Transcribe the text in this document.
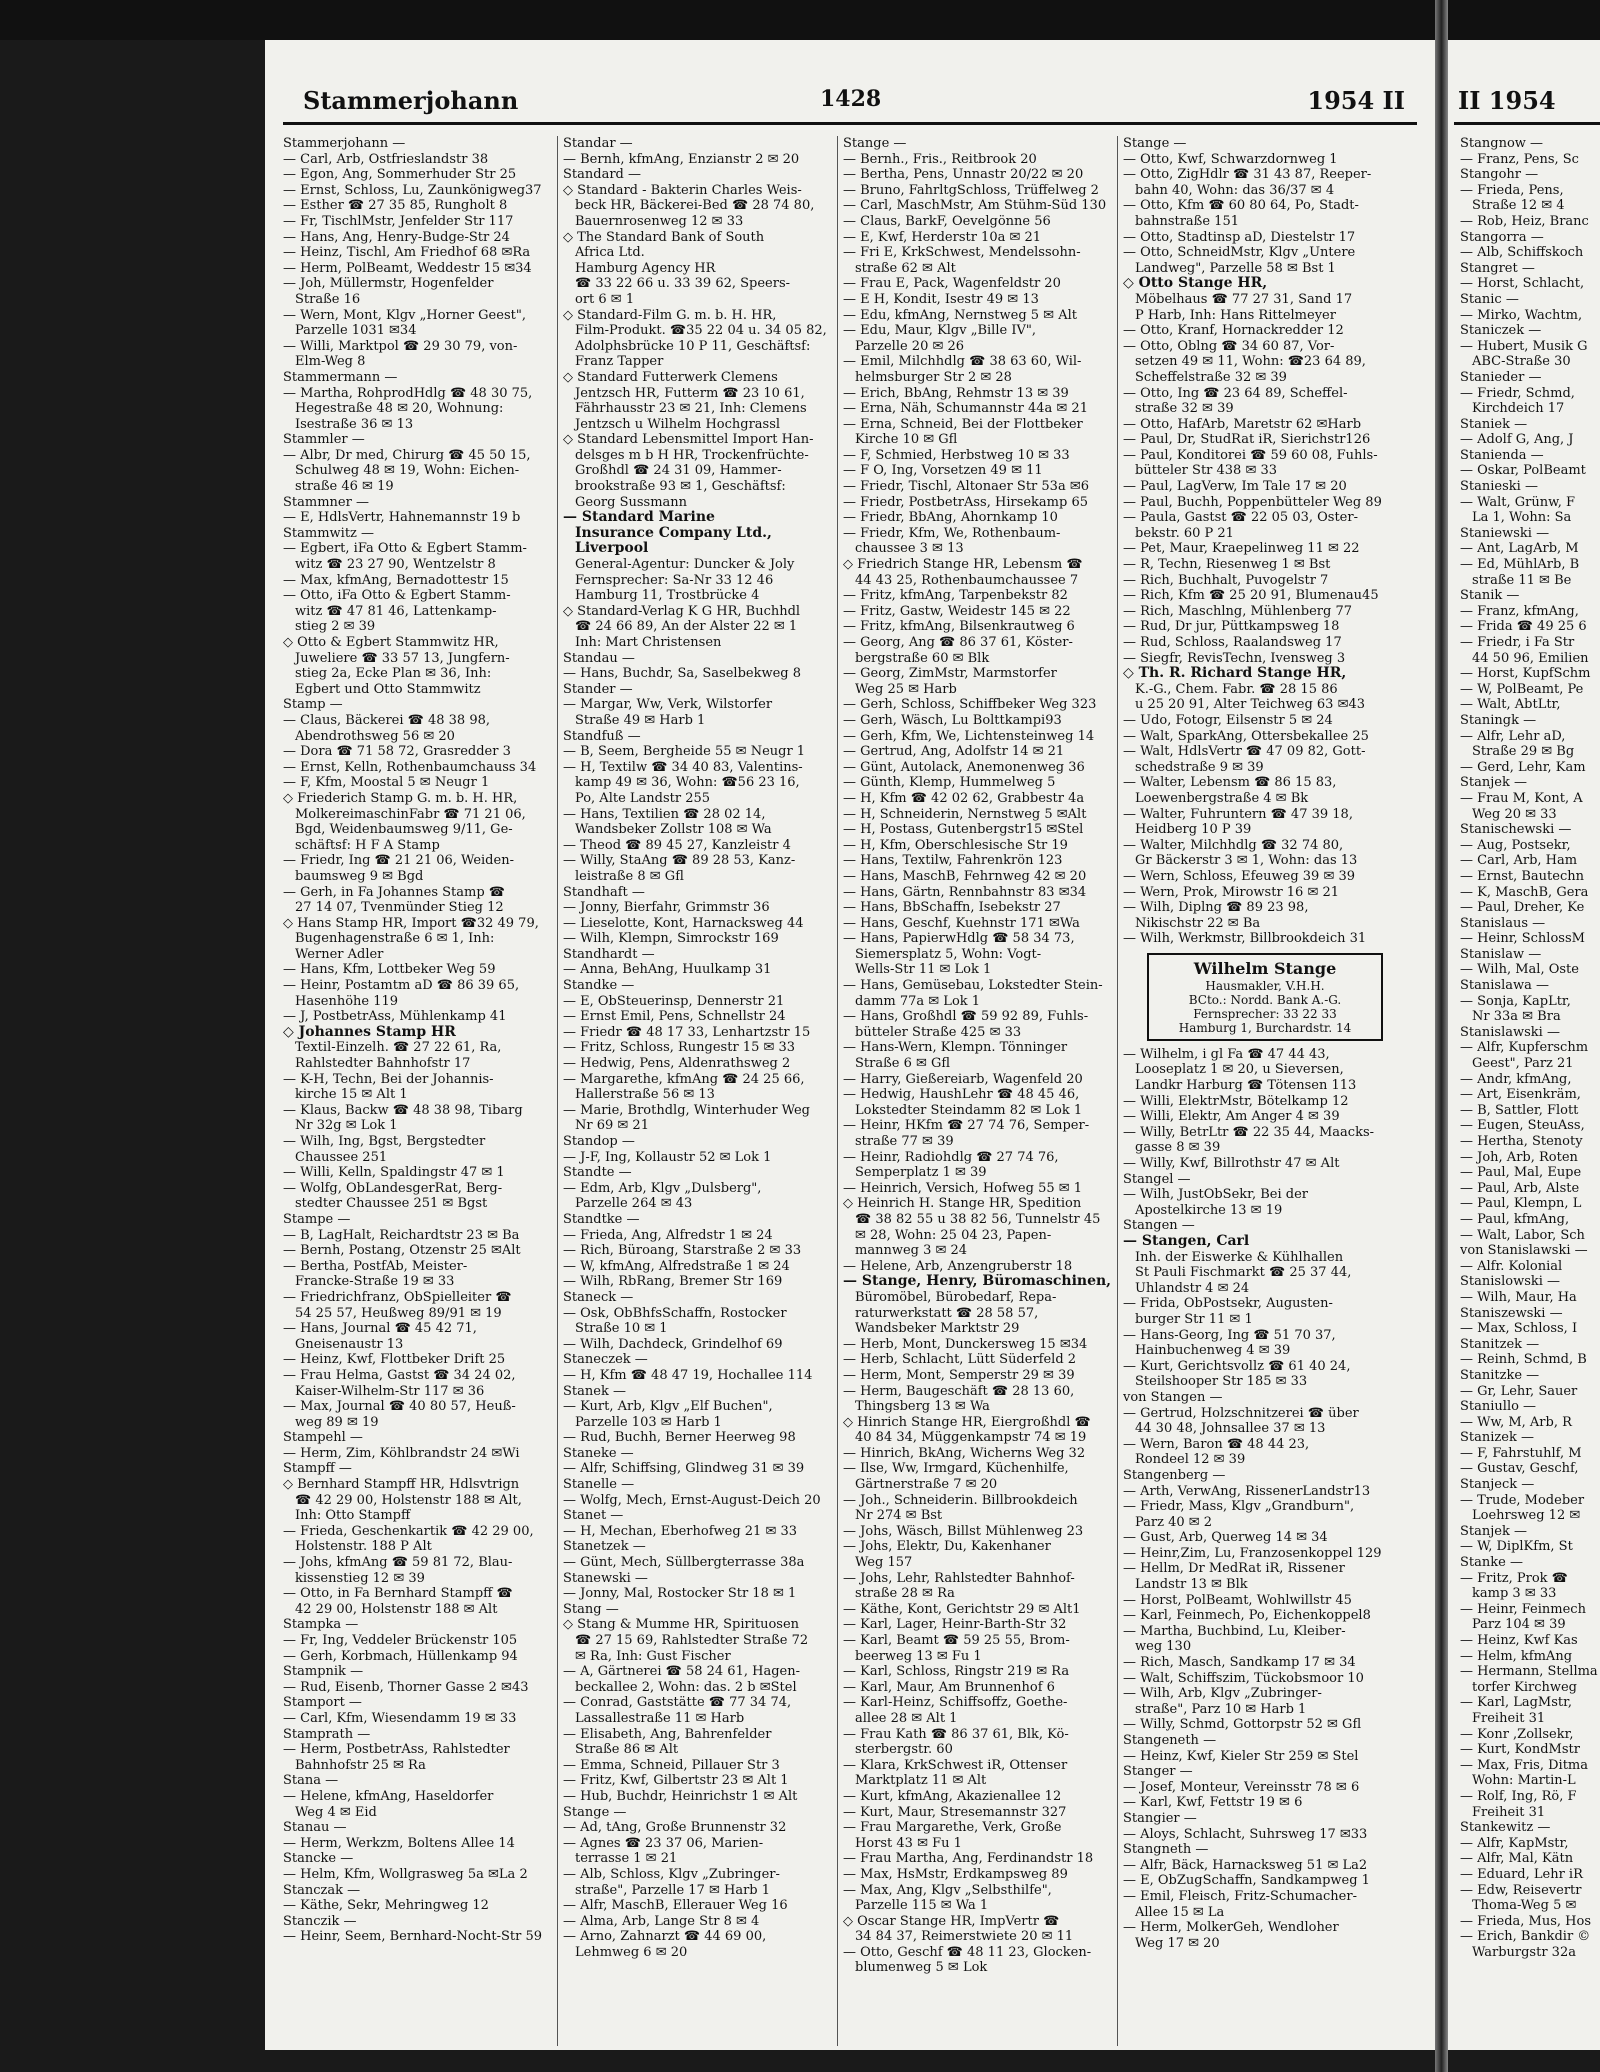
Stammerjohann	1428	1954 II
Stammerjohann —
— Carl, Arb, Ostfrieslandstr 38
— Egon, Ang, Sommerhuder Str 25
— Ernst, Schloss, Lu, Zaunkönigweg37
— Esther ☎ 27 35 85, Rungholt 8
— Fr, TischlMstr, Jenfelder Str 117
— Hans, Ang, Henry-Budge-Str 24
— Heinz, Tischl, Am Friedhof 68 ✉Ra
— Herm, PolBeamt, Weddestr 15 ✉34
— Joh, Müllermstr, Hogenfelder
Straße 16
— Wern, Mont, Klgv „Horner Geest",
Parzelle 1031 ✉34
— Willi, Marktpol ☎ 29 30 79, von-
Elm-Weg 8
Stammermann —
— Martha, RohprodHdlg ☎ 48 30 75,
Hegestraße 48 ✉ 20, Wohnung:
Isestraße 36 ✉ 13
Stammler —
— Albr, Dr med, Chirurg ☎ 45 50 15,
Schulweg 48 ✉ 19, Wohn: Eichen-
straße 46 ✉ 19
Stammner —
— E, HdlsVertr, Hahnemannstr 19 b
Stammwitz —
— Egbert, iFa Otto & Egbert Stamm-
witz ☎ 23 27 90, Wentzelstr 8
— Max, kfmAng, Bernadottestr 15
— Otto, iFa Otto & Egbert Stamm-
witz ☎ 47 81 46, Lattenkamp-
stieg 2 ✉ 39
◇ Otto & Egbert Stammwitz HR,
Juweliere ☎ 33 57 13, Jungfern-
stieg 2a, Ecke Plan ✉ 36, Inh:
Egbert und Otto Stammwitz
Stamp —
— Claus, Bäckerei ☎ 48 38 98,
Abendrothsweg 56 ✉ 20
— Dora ☎ 71 58 72, Grasredder 3
— Ernst, Kelln, Rothenbaumchauss 34
— F, Kfm, Moostal 5 ✉ Neugr 1
◇ Friederich Stamp G. m. b. H. HR,
MolkereimaschinFabr ☎ 71 21 06,
Bgd, Weidenbaumsweg 9/11, Ge-
schäftsf: H F A Stamp
— Friedr, Ing ☎ 21 21 06, Weiden-
baumsweg 9 ✉ Bgd
— Gerh, in Fa Johannes Stamp ☎
27 14 07, Tvenmünder Stieg 12
◇ Hans Stamp HR, Import ☎32 49 79,
Bugenhagenstraße 6 ✉ 1, Inh:
Werner Adler
— Hans, Kfm, Lottbeker Weg 59
— Heinr, Postamtm aD ☎ 86 39 65,
Hasenhöhe 119
— J, PostbetrAss, Mühlenkamp 41
◇ Johannes Stamp HR
Textil-Einzelh. ☎ 27 22 61, Ra,
Rahlstedter Bahnhofstr 17
— K-H, Techn, Bei der Johannis-
kirche 15 ✉ Alt 1
— Klaus, Backw ☎ 48 38 98, Tibarg
Nr 32g ✉ Lok 1
— Wilh, Ing, Bgst, Bergstedter
Chaussee 251
— Willi, Kelln, Spaldingstr 47 ✉ 1
— Wolfg, ObLandesgerRat, Berg-
stedter Chaussee 251 ✉ Bgst
Stampe —
— B, LagHalt, Reichardtstr 23 ✉ Ba
— Bernh, Postang, Otzenstr 25 ✉Alt
— Bertha, PostfAb, Meister-
Francke-Straße 19 ✉ 33
— Friedrichfranz, ObSpielleiter ☎
54 25 57, Heußweg 89/91 ✉ 19
— Hans, Journal ☎ 45 42 71,
Gneisenaustr 13
— Heinz, Kwf, Flottbeker Drift 25
— Frau Helma, Gastst ☎ 34 24 02,
Kaiser-Wilhelm-Str 117 ✉ 36
— Max, Journal ☎ 40 80 57, Heuß-
weg 89 ✉ 19
Stampehl —
— Herm, Zim, Köhlbrandstr 24 ✉Wi
Stampff —
◇ Bernhard Stampff HR, Hdlsvtrign
☎ 42 29 00, Holstenstr 188 ✉ Alt,
Inh: Otto Stampff
— Frieda, Geschenkartik ☎ 42 29 00,
Holstenstr. 188 P Alt
— Johs, kfmAng ☎ 59 81 72, Blau-
kissenstieg 12 ✉ 39
— Otto, in Fa Bernhard Stampff ☎
42 29 00, Holstenstr 188 ✉ Alt
Stampka —
— Fr, Ing, Veddeler Brückenstr 105
— Gerh, Korbmach, Hüllenkamp 94
Stampnik —
— Rud, Eisenb, Thorner Gasse 2 ✉43
Stamport —
— Carl, Kfm, Wiesendamm 19 ✉ 33
Stamprath —
— Herm, PostbetrAss, Rahlstedter
Bahnhofstr 25 ✉ Ra
Stana —
— Helene, kfmAng, Haseldorfer
Weg 4 ✉ Eid
Stanau —
— Herm, Werkzm, Boltens Allee 14
Stancke —
— Helm, Kfm, Wollgrasweg 5a ✉La 2
Stanczak —
— Käthe, Sekr, Mehringweg 12
Stanczik —
— Heinr, Seem, Bernhard-Nocht-Str 59
Standar —
— Bernh, kfmAng, Enzianstr 2 ✉ 20
Standard —
◇ Standard - Bakterin Charles Weis-
beck HR, Bäckerei-Bed ☎ 28 74 80,
Bauernrosenweg 12 ✉ 33
◇ The Standard Bank of South
Africa Ltd.
Hamburg Agency HR
☎ 33 22 66 u. 33 39 62, Speers-
ort 6 ✉ 1
◇ Standard-Film G. m. b. H. HR,
Film-Produkt. ☎35 22 04 u. 34 05 82,
Adolphsbrücke 10 P 11, Geschäftsf:
Franz Tapper
◇ Standard Futterwerk Clemens
Jentzsch HR, Futterm ☎ 23 10 61,
Fährhausstr 23 ✉ 21, Inh: Clemens
Jentzsch u Wilhelm Hochgrassl
◇ Standard Lebensmittel Import Han-
delsges m b H HR, Trockenfrüchte-
Großhdl ☎ 24 31 09, Hammer-
brookstraße 93 ✉ 1, Geschäftsf:
Georg Sussmann
— Standard Marine
Insurance Company Ltd.,
Liverpool
General-Agentur: Duncker & Joly
Fernsprecher: Sa-Nr 33 12 46
Hamburg 11, Trostbrücke 4
◇ Standard-Verlag K G HR, Buchhdl
☎ 24 66 89, An der Alster 22 ✉ 1
Inh: Mart Christensen
Standau —
— Hans, Buchdr, Sa, Saselbekweg 8
Stander —
— Margar, Ww, Verk, Wilstorfer
Straße 49 ✉ Harb 1
Standfuß —
— B, Seem, Bergheide 55 ✉ Neugr 1
— H, Textilw ☎ 34 40 83, Valentins-
kamp 49 ✉ 36, Wohn: ☎56 23 16,
Po, Alte Landstr 255
— Hans, Textilien ☎ 28 02 14,
Wandsbeker Zollstr 108 ✉ Wa
— Theod ☎ 89 45 27, Kanzleistr 4
— Willy, StaAng ☎ 89 28 53, Kanz-
leistraße 8 ✉ Gfl
Standhaft —
— Jonny, Bierfahr, Grimmstr 36
— Lieselotte, Kont, Harnacksweg 44
— Wilh, Klempn, Simrockstr 169
Standhardt —
— Anna, BehAng, Huulkamp 31
Standke —
— E, ObSteuerinsp, Dennerstr 21
— Ernst Emil, Pens, Schnellstr 24
— Friedr ☎ 48 17 33, Lenhartzstr 15
— Fritz, Schloss, Rungestr 15 ✉ 33
— Hedwig, Pens, Aldenrathsweg 2
— Margarethe, kfmAng ☎ 24 25 66,
Hallerstraße 56 ✉ 13
— Marie, Brothdlg, Winterhuder Weg
Nr 69 ✉ 21
Standop —
— J-F, Ing, Kollaustr 52 ✉ Lok 1
Standte —
— Edm, Arb, Klgv „Dulsberg",
Parzelle 264 ✉ 43
Standtke —
— Frieda, Ang, Alfredstr 1 ✉ 24
— Rich, Büroang, Starstraße 2 ✉ 33
— W, kfmAng, Alfredstraße 1 ✉ 24
— Wilh, RbRang, Bremer Str 169
Staneck —
— Osk, ObBhfsSchaffn, Rostocker
Straße 10 ✉ 1
— Wilh, Dachdeck, Grindelhof 69
Staneczek —
— H, Kfm ☎ 48 47 19, Hochallee 114
Stanek —
— Kurt, Arb, Klgv „Elf Buchen",
Parzelle 103 ✉ Harb 1
— Rud, Buchh, Berner Heerweg 98
Staneke —
— Alfr, Schiffsing, Glindweg 31 ✉ 39
Stanelle —
— Wolfg, Mech, Ernst-August-Deich 20
Stanet —
— H, Mechan, Eberhofweg 21 ✉ 33
Stanetzek —
— Günt, Mech, Süllbergterrasse 38a
Stanewski —
— Jonny, Mal, Rostocker Str 18 ✉ 1
Stang —
◇ Stang & Mumme HR, Spirituosen
☎ 27 15 69, Rahlstedter Straße 72
✉ Ra, Inh: Gust Fischer
— A, Gärtnerei ☎ 58 24 61, Hagen-
beckallee 2, Wohn: das. 2 b ✉Stel
— Conrad, Gaststätte ☎ 77 34 74,
Lassallestraße 11 ✉ Harb
— Elisabeth, Ang, Bahrenfelder
Straße 86 ✉ Alt
— Emma, Schneid, Pillauer Str 3
— Fritz, Kwf, Gilbertstr 23 ✉ Alt 1
— Hub, Buchdr, Heinrichstr 1 ✉ Alt
Stange —
— Ad, tAng, Große Brunnenstr 32
— Agnes ☎ 23 37 06, Marien-
terrasse 1 ✉ 21
— Alb, Schloss, Klgv „Zubringer-
straße", Parzelle 17 ✉ Harb 1
— Alfr, MaschB, Ellerauer Weg 16
— Alma, Arb, Lange Str 8 ✉ 4
— Arno, Zahnarzt ☎ 44 69 00,
Lehmweg 6 ✉ 20
Stange —
— Bernh., Fris., Reitbrook 20
— Bertha, Pens, Unnastr 20/22 ✉ 20
— Bruno, FahrltgSchloss, Trüffelweg 2
— Carl, MaschMstr, Am Stühm-Süd 130
— Claus, BarkF, Oevelgönne 56
— E, Kwf, Herderstr 10a ✉ 21
— Fri E, KrkSchwest, Mendelssohn-
straße 62 ✉ Alt
— Frau E, Pack, Wagenfeldstr 20
— E H, Kondit, Isestr 49 ✉ 13
— Edu, kfmAng, Nernstweg 5 ✉ Alt
— Edu, Maur, Klgv „Bille IV",
Parzelle 20 ✉ 26
— Emil, Milchhdlg ☎ 38 63 60, Wil-
helmsburger Str 2 ✉ 28
— Erich, BbAng, Rehmstr 13 ✉ 39
— Erna, Näh, Schumannstr 44a ✉ 21
— Erna, Schneid, Bei der Flottbeker
Kirche 10 ✉ Gfl
— F, Schmied, Herbstweg 10 ✉ 33
— F O, Ing, Vorsetzen 49 ✉ 11
— Friedr, Tischl, Altonaer Str 53a ✉6
— Friedr, PostbetrAss, Hirsekamp 65
— Friedr, BbAng, Ahornkamp 10
— Friedr, Kfm, We, Rothenbaum-
chaussee 3 ✉ 13
◇ Friedrich Stange HR, Lebensm ☎
44 43 25, Rothenbaumchaussee 7
— Fritz, kfmAng, Tarpenbekstr 82
— Fritz, Gastw, Weidestr 145 ✉ 22
— Fritz, kfmAng, Bilsenkrautweg 6
— Georg, Ang ☎ 86 37 61, Köster-
bergstraße 60 ✉ Blk
— Georg, ZimMstr, Marmstorfer
Weg 25 ✉ Harb
— Gerh, Schloss, Schiffbeker Weg 323
— Gerh, Wäsch, Lu Bolttkampi93
— Gerh, Kfm, We, Lichtensteinweg 14
— Gertrud, Ang, Adolfstr 14 ✉ 21
— Günt, Autolack, Anemonenweg 36
— Günth, Klemp, Hummelweg 5
— H, Kfm ☎ 42 02 62, Grabbestr 4a
— H, Schneiderin, Nernstweg 5 ✉Alt
— H, Postass, Gutenbergstr15 ✉Stel
— H, Kfm, Oberschlesische Str 19
— Hans, Textilw, Fahrenkrön 123
— Hans, MaschB, Fehrnweg 42 ✉ 20
— Hans, Gärtn, Rennbahnstr 83 ✉34
— Hans, BbSchaffn, Isebekstr 27
— Hans, Geschf, Kuehnstr 171 ✉Wa
— Hans, PapierwHdlg ☎ 58 34 73,
Siemersplatz 5, Wohn: Vogt-
Wells-Str 11 ✉ Lok 1
— Hans, Gemüsebau, Lokstedter Stein-
damm 77a ✉ Lok 1
— Hans, Großhdl ☎ 59 92 89, Fuhls-
bütteler Straße 425 ✉ 33
— Hans-Wern, Klempn. Tönninger
Straße 6 ✉ Gfl
— Harry, Gießereiarb, Wagenfeld 20
— Hedwig, HaushLehr ☎ 48 45 46,
Lokstedter Steindamm 82 ✉ Lok 1
— Heinr, HKfm ☎ 27 74 76, Semper-
straße 77 ✉ 39
— Heinr, Radiohdlg ☎ 27 74 76,
Semperplatz 1 ✉ 39
— Heinrich, Versich, Hofweg 55 ✉ 1
◇ Heinrich H. Stange HR, Spedition
☎ 38 82 55 u 38 82 56, Tunnelstr 45
✉ 28, Wohn: 25 04 23, Papen-
mannweg 3 ✉ 24
— Helene, Arb, Anzengruberstr 18
— Stange, Henry, Büromaschinen,
Büromöbel, Bürobedarf, Repa-
raturwerkstatt ☎ 28 58 57,
Wandsbeker Marktstr 29
— Herb, Mont, Dunckersweg 15 ✉34
— Herb, Schlacht, Lütt Süderfeld 2
— Herm, Mont, Semperstr 29 ✉ 39
— Herm, Baugeschäft ☎ 28 13 60,
Thingsberg 13 ✉ Wa
◇ Hinrich Stange HR, Eiergroßhdl ☎
40 84 34, Müggenkampstr 74 ✉ 19
— Hinrich, BkAng, Wicherns Weg 32
— Ilse, Ww, Irmgard, Küchenhilfe,
Gärtnerstraße 7 ✉ 20
— Joh., Schneiderin. Billbrookdeich
Nr 274 ✉ Bst
— Johs, Wäsch, Billst Mühlenweg 23
— Johs, Elektr, Du, Kakenhaner
Weg 157
— Johs, Lehr, Rahlstedter Bahnhof-
straße 28 ✉ Ra
— Käthe, Kont, Gerichtstr 29 ✉ Alt1
— Karl, Lager, Heinr-Barth-Str 32
— Karl, Beamt ☎ 59 25 55, Brom-
beerweg 13 ✉ Fu 1
— Karl, Schloss, Ringstr 219 ✉ Ra
— Karl, Maur, Am Brunnenhof 6
— Karl-Heinz, Schiffsoffz, Goethe-
allee 28 ✉ Alt 1
— Frau Kath ☎ 86 37 61, Blk, Kö-
sterbergstr. 60
— Klara, KrkSchwest iR, Ottenser
Marktplatz 11 ✉ Alt
— Kurt, kfmAng, Akazienallee 12
— Kurt, Maur, Stresemannstr 327
— Frau Margarethe, Verk, Große
Horst 43 ✉ Fu 1
— Frau Martha, Ang, Ferdinandstr 18
— Max, HsMstr, Erdkampsweg 89
— Max, Ang, Klgv „Selbsthilfe",
Parzelle 115 ✉ Wa 1
◇ Oscar Stange HR, ImpVertr ☎
34 84 37, Reimerstwiete 20 ✉ 11
— Otto, Geschf ☎ 48 11 23, Glocken-
blumenweg 5 ✉ Lok
Stange —
— Otto, Kwf, Schwarzdornweg 1
— Otto, ZigHdlr ☎ 31 43 87, Reeper-
bahn 40, Wohn: das 36/37 ✉ 4
— Otto, Kfm ☎ 60 80 64, Po, Stadt-
bahnstraße 151
— Otto, Stadtinsp aD, Diestelstr 17
— Otto, SchneidMstr, Klgv „Untere
Landweg", Parzelle 58 ✉ Bst 1
◇ Otto Stange HR,
Möbelhaus ☎ 77 27 31, Sand 17
P Harb, Inh: Hans Rittelmeyer
— Otto, Kranf, Hornackredder 12
— Otto, Oblng ☎ 34 60 87, Vor-
setzen 49 ✉ 11, Wohn: ☎23 64 89,
Scheffelstraße 32 ✉ 39
— Otto, Ing ☎ 23 64 89, Scheffel-
straße 32 ✉ 39
— Otto, HafArb, Maretstr 62 ✉Harb
— Paul, Dr, StudRat iR, Sierichstr126
— Paul, Konditorei ☎ 59 60 08, Fuhls-
bütteler Str 438 ✉ 33
— Paul, LagVerw, Im Tale 17 ✉ 20
— Paul, Buchh, Poppenbütteler Weg 89
— Paula, Gastst ☎ 22 05 03, Oster-
bekstr. 60 P 21
— Pet, Maur, Kraepelinweg 11 ✉ 22
— R, Techn, Riesenweg 1 ✉ Bst
— Rich, Buchhalt, Puvogelstr 7
— Rich, Kfm ☎ 25 20 91, Blumenau45
— Rich, Maschlng, Mühlenberg 77
— Rud, Dr jur, Püttkampsweg 18
— Rud, Schloss, Raalandsweg 17
— Siegfr, RevisTechn, Ivensweg 3
◇ Th. R. Richard Stange HR,
K.-G., Chem. Fabr. ☎ 28 15 86
u 25 20 91, Alter Teichweg 63 ✉43
— Udo, Fotogr, Eilsenstr 5 ✉ 24
— Walt, SparkAng, Ottersbekallee 25
— Walt, HdlsVertr ☎ 47 09 82, Gott-
schedstraße 9 ✉ 39
— Walter, Lebensm ☎ 86 15 83,
Loewenbergstraße 4 ✉ Bk
— Walter, Fuhruntern ☎ 47 39 18,
Heidberg 10 P 39
— Walter, Milchhdlg ☎ 32 74 80,
Gr Bäckerstr 3 ✉ 1, Wohn: das 13
— Wern, Schloss, Efeuweg 39 ✉ 39
— Wern, Prok, Mirowstr 16 ✉ 21
— Wilh, Diplng ☎ 89 23 98,
Nikischstr 22 ✉ Ba
— Wilh, Werkmstr, Billbrookdeich 31
Wilhelm Stange
Hausmakler, V.H.H.
BCto.: Nordd. Bank A.-G.
Fernsprecher: 33 22 33
Hamburg 1, Burchardstr. 14
— Wilhelm, i gl Fa ☎ 47 44 43,
Looseplatz 1 ✉ 20, u Sieversen,
Landkr Harburg ☎ Tötensen 113
— Willi, ElektrMstr, Bötelkamp 12
— Willi, Elektr, Am Anger 4 ✉ 39
— Willy, BetrLtr ☎ 22 35 44, Maacks-
gasse 8 ✉ 39
— Willy, Kwf, Billrothstr 47 ✉ Alt
Stangel —
— Wilh, JustObSekr, Bei der
Apostelkirche 13 ✉ 19
Stangen —
— Stangen, Carl
Inh. der Eiswerke & Kühlhallen
St Pauli Fischmarkt ☎ 25 37 44,
Uhlandstr 4 ✉ 24
— Frida, ObPostsekr, Augusten-
burger Str 11 ✉ 1
— Hans-Georg, Ing ☎ 51 70 37,
Hainbuchenweg 4 ✉ 39
— Kurt, Gerichtsvollz ☎ 61 40 24,
Steilshooper Str 185 ✉ 33
von Stangen —
— Gertrud, Holzschnitzerei ☎ über
44 30 48, Johnsallee 37 ✉ 13
— Wern, Baron ☎ 48 44 23,
Rondeel 12 ✉ 39
Stangenberg —
— Arth, VerwAng, RissenerLandstr13
— Friedr, Mass, Klgv „Grandburn",
Parz 40 ✉ 2
— Gust, Arb, Querweg 14 ✉ 34
— Heinr,Zim, Lu, Franzosenkoppel 129
— Hellm, Dr MedRat iR, Rissener
Landstr 13 ✉ Blk
— Horst, PolBeamt, Wohlwillstr 45
— Karl, Feinmech, Po, Eichenkoppel8
— Martha, Buchbind, Lu, Kleiber-
weg 130
— Rich, Masch, Sandkamp 17 ✉ 34
— Walt, Schiffszim, Tückobsmoor 10
— Wilh, Arb, Klgv „Zubringer-
straße", Parz 10 ✉ Harb 1
— Willy, Schmd, Gottorpstr 52 ✉ Gfl
Stangeneth —
— Heinz, Kwf, Kieler Str 259 ✉ Stel
Stanger —
— Josef, Monteur, Vereinsstr 78 ✉ 6
— Karl, Kwf, Fettstr 19 ✉ 6
Stangier —
— Aloys, Schlacht, Suhrsweg 17 ✉33
Stangneth —
— Alfr, Bäck, Harnacksweg 51 ✉ La2
— E, ObZugSchaffn, Sandkampweg 1
— Emil, Fleisch, Fritz-Schumacher-
Allee 15 ✉ La
— Herm, MolkerGeh, Wendloher
Weg 17 ✉ 20
II 1954
Stangnow —
— Franz, Pens, Sc
Stangohr —
— Frieda, Pens,
Straße 12 ✉ 4
— Rob, Heiz, Branc
Stangorra —
— Alb, Schiffskoch
Stangret —
— Horst, Schlacht,
Stanic —
— Mirko, Wachtm,
Staniczek —
— Hubert, Musik G
ABC-Straße 30
Stanieder —
— Friedr, Schmd,
Kirchdeich 17
Staniek —
— Adolf G, Ang, J
Stanienda —
— Oskar, PolBeamt
Stanieski —
— Walt, Grünw, F
La 1, Wohn: Sa
Staniewski —
— Ant, LagArb, M
— Ed, MühlArb, B
straße 11 ✉ Be
Stanik —
— Franz, kfmAng,
— Frida ☎ 49 25 6
— Friedr, i Fa Str
44 50 96, Emilien
— Horst, KupfSchm
— W, PolBeamt, Pe
— Walt, AbtLtr,
Staningk —
— Alfr, Lehr aD,
Straße 29 ✉ Bg
— Gerd, Lehr, Kam
Stanjek —
— Frau M, Kont, A
Weg 20 ✉ 33
Stanischewski —
— Aug, Postsekr,
— Carl, Arb, Ham
— Ernst, Bautechn
— K, MaschB, Gera
— Paul, Dreher, Ke
Stanislaus —
— Heinr, SchlossM
Stanislaw —
— Wilh, Mal, Oste
Stanislawa —
— Sonja, KapLtr,
Nr 33a ✉ Bra
Stanislawski —
— Alfr, Kupferschm
Geest", Parz 21
— Andr, kfmAng,
— Art, Eisenkräm,
— B, Sattler, Flott
— Eugen, SteuAss,
— Hertha, Stenoty
— Joh, Arb, Roten
— Paul, Mal, Eupe
— Paul, Arb, Alste
— Paul, Klempn, L
— Paul, kfmAng,
— Walt, Labor, Sch
von Stanislawski —
— Alfr. Kolonial
Stanislowski —
— Wilh, Maur, Ha
Staniszewski —
— Max, Schloss, I
Stanitzek —
— Reinh, Schmd, B
Stanitzke —
— Gr, Lehr, Sauer
Staniullo —
— Ww, M, Arb, R
Stanizek —
— F, Fahrstuhlf, M
— Gustav, Geschf,
Stanjeck —
— Trude, Modeber
Loehrsweg 12 ✉
Stanjek —
— W, DiplKfm, St
Stanke —
— Fritz, Prok ☎
kamp 3 ✉ 33
— Heinr, Feinmech
Parz 104 ✉ 39
— Heinz, Kwf Kas
— Helm, kfmAng
— Hermann, Stellma
torfer Kirchweg
— Karl, LagMstr,
Freiheit 31
— Konr ,Zollsekr,
— Kurt, KondMstr
— Max, Fris, Ditma
Wohn: Martin-L
— Rolf, Ing, Rö, F
Freiheit 31
Stankewitz —
— Alfr, KapMstr,
— Alfr, Mal, Kätn
— Eduard, Lehr iR
— Edw, Reisevertr
Thoma-Weg 5 ✉
— Frieda, Mus, Hos
— Erich, Bankdir ©
Warburgstr 32a
